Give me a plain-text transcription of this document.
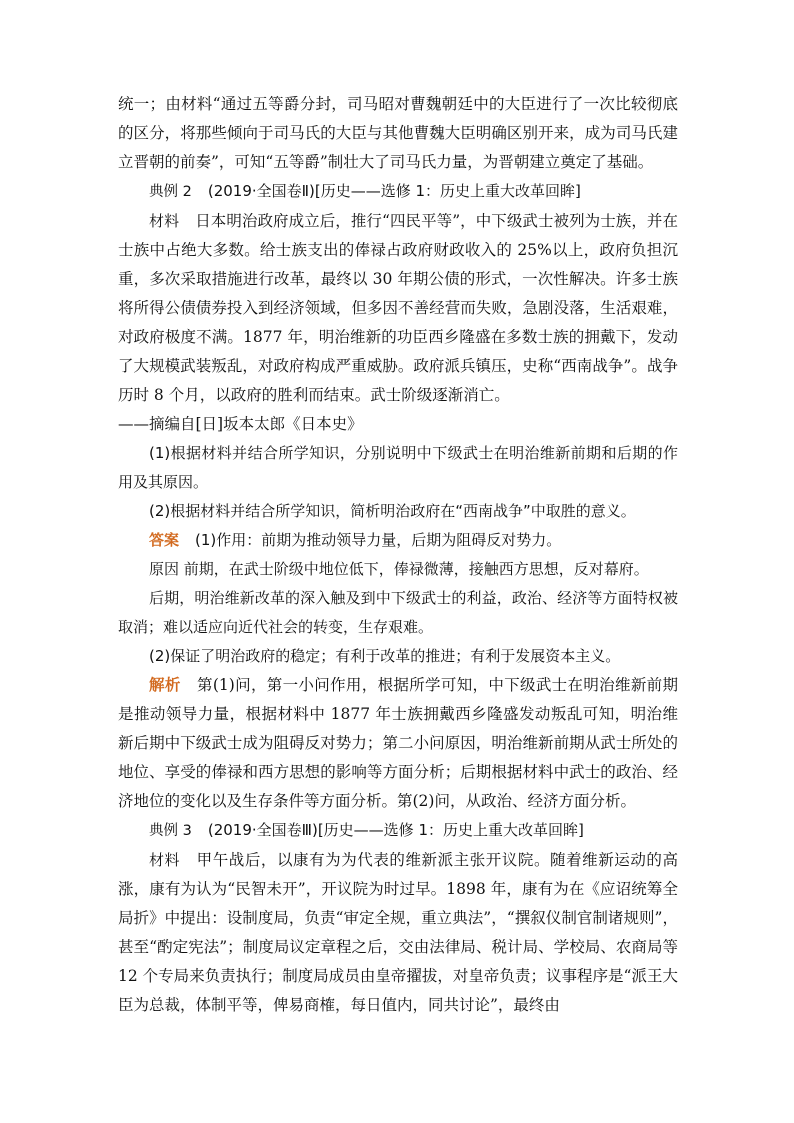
统一；由材料“通过五等爵分封，司马昭对曹魏朝廷中的大臣进行了一次比较彻底的区分，将那些倾向于司马氏的大臣与其他曹魏大臣明确区别开来，成为司马氏建立晋朝的前奏”，可知“五等爵”制壮大了司马氏力量，为晋朝建立奠定了基础。

典例 2 (2019·全国卷Ⅱ)[历史——选修 1：历史上重大改革回眸]

材料 日本明治政府成立后，推行“四民平等”，中下级武士被列为士族，并在士族中占绝大多数。给士族支出的俸禄占政府财政收入的 25%以上，政府负担沉重，多次采取措施进行改革，最终以 30 年期公债的形式，一次性解决。许多士族将所得公债债券投入到经济领域，但多因不善经营而失败，急剧没落，生活艰难，对政府极度不满。1877 年，明治维新的功臣西乡隆盛在多数士族的拥戴下，发动了大规模武装叛乱，对政府构成严重威胁。政府派兵镇压，史称“西南战争”。战争历时 8 个月，以政府的胜利而结束。武士阶级逐渐消亡。

——摘编自[日]坂本太郎《日本史》

(1)根据材料并结合所学知识，分别说明中下级武士在明治维新前期和后期的作用及其原因。

(2)根据材料并结合所学知识，简析明治政府在“西南战争”中取胜的意义。

答案 (1)作用：前期为推动领导力量，后期为阻碍反对势力。

原因 前期，在武士阶级中地位低下，俸禄微薄，接触西方思想，反对幕府。

后期，明治维新改革的深入触及到中下级武士的利益，政治、经济等方面特权被取消；难以适应向近代社会的转变，生存艰难。

(2)保证了明治政府的稳定；有利于改革的推进；有利于发展资本主义。

解析 第(1)问，第一小问作用，根据所学可知，中下级武士在明治维新前期是推动领导力量，根据材料中 1877 年士族拥戴西乡隆盛发动叛乱可知，明治维新后期中下级武士成为阻碍反对势力；第二小问原因，明治维新前期从武士所处的地位、享受的俸禄和西方思想的影响等方面分析；后期根据材料中武士的政治、经济地位的变化以及生存条件等方面分析。第(2)问，从政治、经济方面分析。

典例 3 (2019·全国卷Ⅲ)[历史——选修 1：历史上重大改革回眸]

材料 甲午战后，以康有为为代表的维新派主张开议院。随着维新运动的高涨，康有为认为“民智未开”，开议院为时过早。1898 年，康有为在《应诏统筹全局折》中提出：设制度局，负责“审定全规，重立典法”，“撰叙仪制官制诸规则”，甚至“酌定宪法”；制度局议定章程之后，交由法律局、税计局、学校局、农商局等 12 个专局来负责执行；制度局成员由皇帝擢拔，对皇帝负责；议事程序是“派王大臣为总裁，体制平等，俾易商榷，每日值内，同共讨论”，最终由
